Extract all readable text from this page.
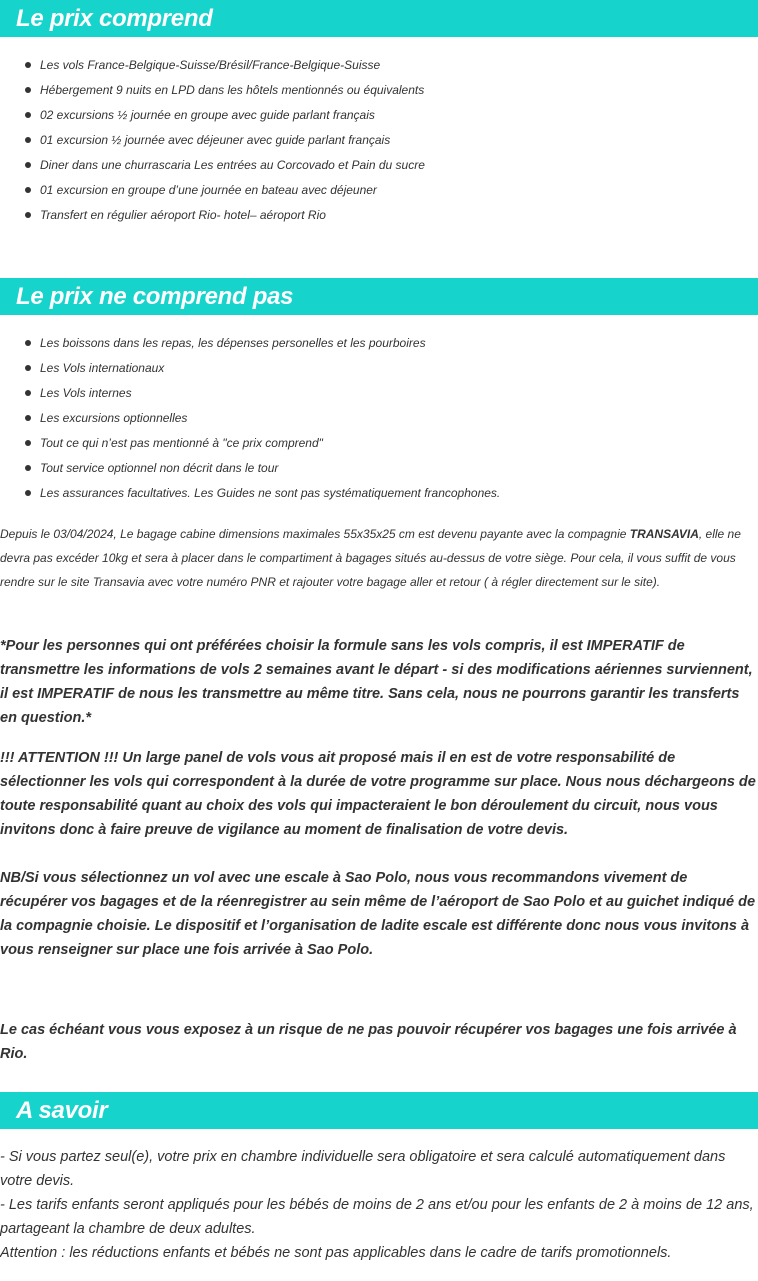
Le prix comprend
Les vols France-Belgique-Suisse/Brésil/France-Belgique-Suisse
Hébergement 9 nuits en LPD dans les hôtels mentionnés ou équivalents
02 excursions ½ journée en groupe avec guide parlant français
01 excursion ½ journée avec déjeuner avec guide parlant français
Diner dans une churrascaria Les entrées au Corcovado et Pain du sucre
01 excursion en groupe d’une journée en bateau avec déjeuner
Transfert en régulier aéroport Rio- hotel– aéroport Rio
Le prix ne comprend pas
Les boissons dans les repas, les dépenses personelles et les pourboires
Les Vols internationaux
Les Vols internes
Les excursions optionnelles
Tout ce qui n’est pas mentionné à "ce prix comprend"
Tout service optionnel non décrit dans le tour
Les assurances facultatives. Les Guides ne sont pas systématiquement francophones.
Depuis le 03/04/2024, Le bagage cabine dimensions maximales 55x35x25 cm est devenu payante avec la compagnie TRANSAVIA, elle ne devra pas excéder 10kg et sera à placer dans le compartiment à bagages situés au-dessus de votre siège. Pour cela, il vous suffit de vous rendre sur le site Transavia avec votre numéro PNR et rajouter votre bagage aller et retour ( à régler directement sur le site).
*Pour les personnes qui ont préférées choisir la formule sans les vols compris, il est IMPERATIF de transmettre les informations de vols 2 semaines avant le départ - si des modifications aériennes surviennent, il est IMPERATIF de nous les transmettre au même titre. Sans cela, nous ne pourrons garantir les transferts en question.*
!!! ATTENTION !!! Un large panel de vols vous ait proposé mais il en est de votre responsabilité de sélectionner les vols qui correspondent à la durée de votre programme sur place. Nous nous déchargeons de toute responsabilité quant au choix des vols qui impacteraient le bon déroulement du circuit, nous vous invitons donc à faire preuve de vigilance au moment de finalisation de votre devis.
NB/Si vous sélectionnez un vol avec une escale à Sao Polo, nous vous recommandons vivement de récupérer vos bagages et de la réenregistrer au sein même de l’aéroport de Sao Polo et au guichet indiqué de la compagnie choisie. Le dispositif et l’organisation de ladite escale est différente donc nous vous invitons à vous renseigner sur place une fois arrivée à Sao Polo.
Le cas échéant vous vous exposez à un risque de ne pas pouvoir récupérer vos bagages une fois arrivée à Rio.
A savoir
- Si vous partez seul(e), votre prix en chambre individuelle sera obligatoire et sera calculé automatiquement dans votre devis.
- Les tarifs enfants seront appliqués pour les bébés de moins de 2 ans et/ou pour les enfants de 2 à moins de 12 ans, partageant la chambre de deux adultes.
Attention : les réductions enfants et bébés ne sont pas applicables dans le cadre de tarifs promotionnels.
